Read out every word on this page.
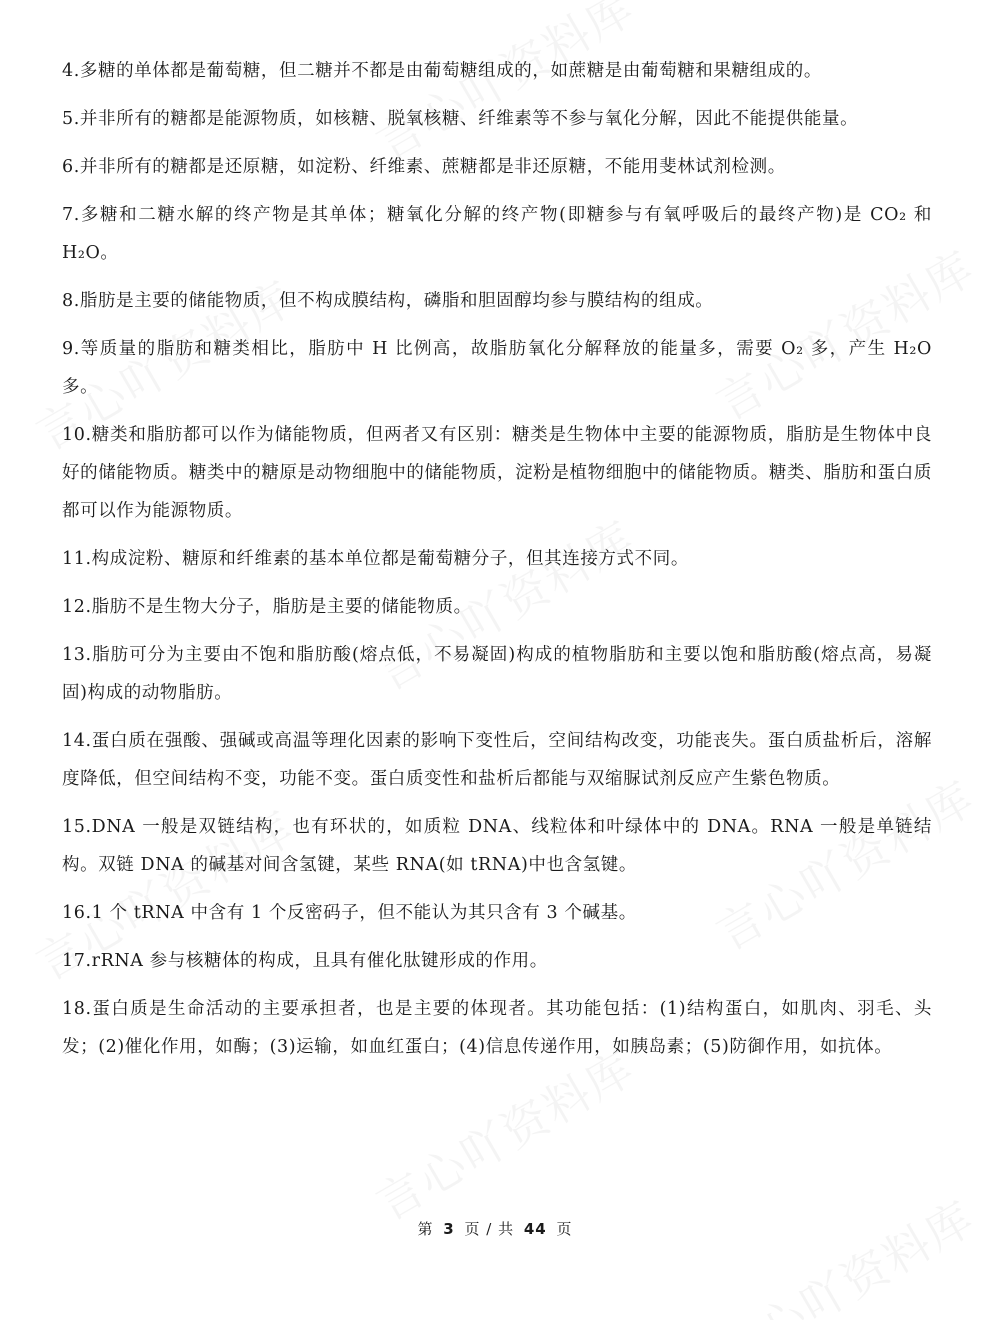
4.多糖的单体都是葡萄糖，但二糖并不都是由葡萄糖组成的，如蔗糖是由葡萄糖和果糖组成的。

5.并非所有的糖都是能源物质，如核糖、脱氧核糖、纤维素等不参与氧化分解，因此不能提供能量。

6.并非所有的糖都是还原糖，如淀粉、纤维素、蔗糖都是非还原糖，不能用斐林试剂检测。

7.多糖和二糖水解的终产物是其单体；糖氧化分解的终产物(即糖参与有氧呼吸后的最终产物)是 CO₂ 和 H₂O。

8.脂肪是主要的储能物质，但不构成膜结构，磷脂和胆固醇均参与膜结构的组成。

9.等质量的脂肪和糖类相比，脂肪中 H 比例高，故脂肪氧化分解释放的能量多，需要 O₂ 多，产生 H₂O 多。

10.糖类和脂肪都可以作为储能物质，但两者又有区别：糖类是生物体中主要的能源物质，脂肪是生物体中良好的储能物质。糖类中的糖原是动物细胞中的储能物质，淀粉是植物细胞中的储能物质。糖类、脂肪和蛋白质都可以作为能源物质。

11.构成淀粉、糖原和纤维素的基本单位都是葡萄糖分子，但其连接方式不同。

12.脂肪不是生物大分子，脂肪是主要的储能物质。

13.脂肪可分为主要由不饱和脂肪酸(熔点低，不易凝固)构成的植物脂肪和主要以饱和脂肪酸(熔点高，易凝固)构成的动物脂肪。

14.蛋白质在强酸、强碱或高温等理化因素的影响下变性后，空间结构改变，功能丧失。蛋白质盐析后，溶解度降低，但空间结构不变，功能不变。蛋白质变性和盐析后都能与双缩脲试剂反应产生紫色物质。

15.DNA 一般是双链结构，也有环状的，如质粒 DNA、线粒体和叶绿体中的 DNA。RNA 一般是单链结构。双链 DNA 的碱基对间含氢键，某些 RNA(如 tRNA)中也含氢键。

16.1 个 tRNA 中含有 1 个反密码子，但不能认为其只含有 3 个碱基。

17.rRNA 参与核糖体的构成，且具有催化肽键形成的作用。

18.蛋白质是生命活动的主要承担者，也是主要的体现者。其功能包括：(1)结构蛋白，如肌肉、羽毛、头发；(2)催化作用，如酶；(3)运输，如血红蛋白；(4)信息传递作用，如胰岛素；(5)防御作用，如抗体。

第 3 页 / 共 44 页
